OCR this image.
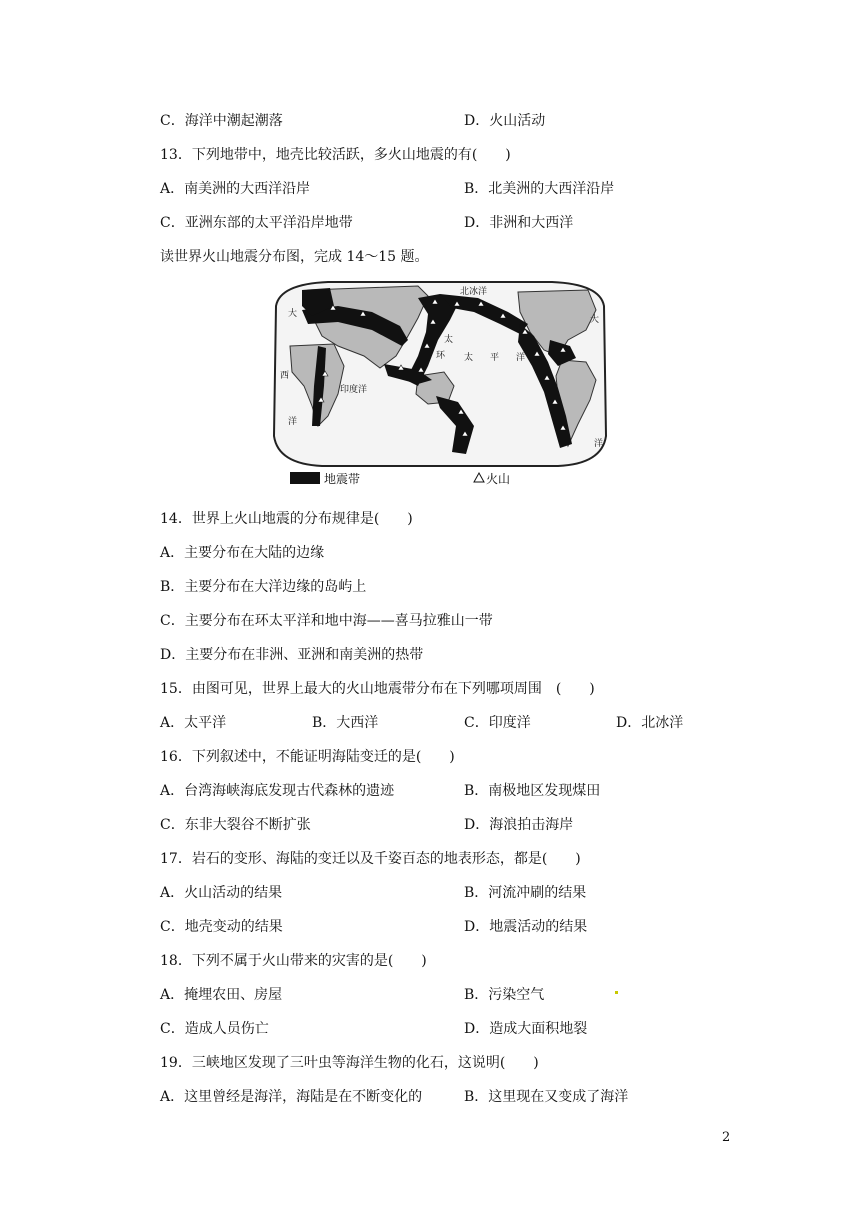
C．海洋中潮起潮落	D．火山活动
13．下列地带中，地壳比较活跃，多火山地震的有(　　)
A．南美洲的大西洋沿岸	B．北美洲的大西洋沿岸
C．亚洲东部的太平洋沿岸地带	D．非洲和大西洋
读世界火山地震分布图，完成 14～15 题。
北冰洋
大
西
洋
印度洋
太
环 太 平 洋
大
洋
地震带	火山
14．世界上火山地震的分布规律是(　　)
A．主要分布在大陆的边缘
B．主要分布在大洋边缘的岛屿上
C．主要分布在环太平洋和地中海——喜马拉雅山一带
D．主要分布在非洲、亚洲和南美洲的热带
15．由图可见，世界上最大的火山地震带分布在下列哪项周围　(　　)
A．太平洋	B．大西洋	C．印度洋	D．北冰洋
16．下列叙述中，不能证明海陆变迁的是(　　)
A．台湾海峡海底发现古代森林的遗迹	B．南极地区发现煤田
C．东非大裂谷不断扩张	D．海浪拍击海岸
17．岩石的变形、海陆的变迁以及千姿百态的地表形态，都是(　　)
A．火山活动的结果	B．河流冲刷的结果
C．地壳变动的结果	D．地震活动的结果
18．下列不属于火山带来的灾害的是(　　)
A．掩埋农田、房屋	B．污染空气
C．造成人员伤亡	D．造成大面积地裂
19．三峡地区发现了三叶虫等海洋生物的化石，这说明(　　)
A．这里曾经是海洋，海陆是在不断变化的	B．这里现在又变成了海洋
2
